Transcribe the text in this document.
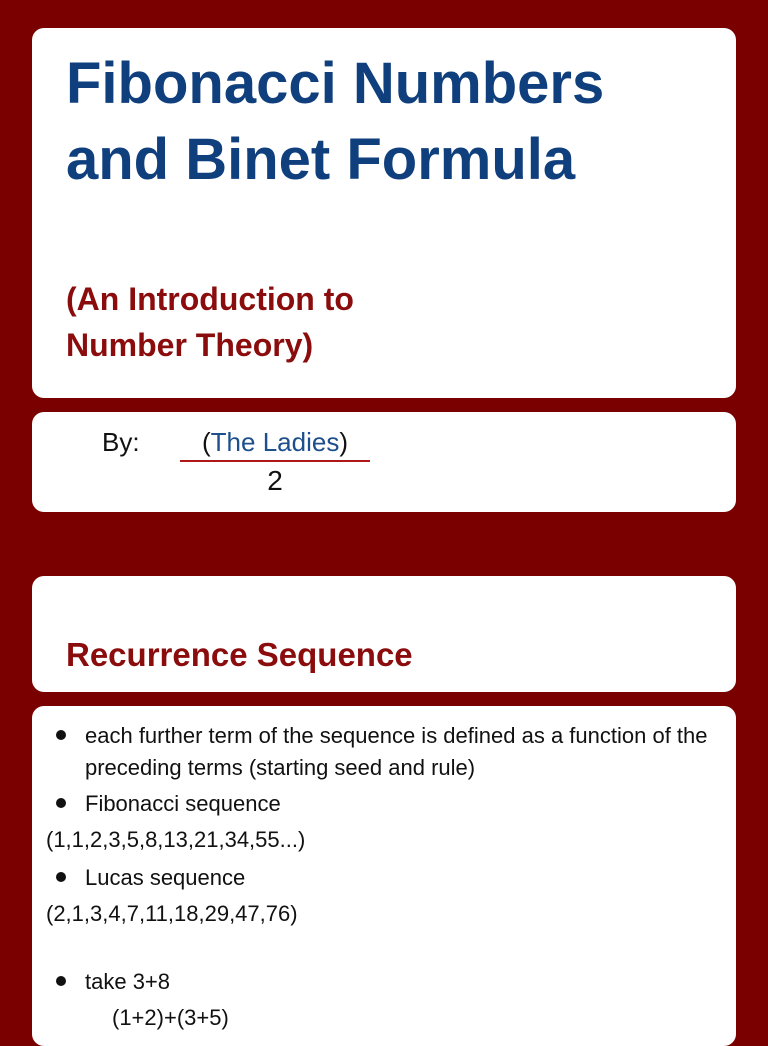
Fibonacci Numbers
and Binet Formula
(An Introduction to
Number Theory)
By:	(The Ladies)
2
Recurrence Sequence
each further term of the sequence is defined as a function of the preceding terms (starting seed and rule)
Fibonacci sequence
(1,1,2,3,5,8,13,21,34,55...)
Lucas sequence
(2,1,3,4,7,11,18,29,47,76)
take 3+8
(1+2)+(3+5)
